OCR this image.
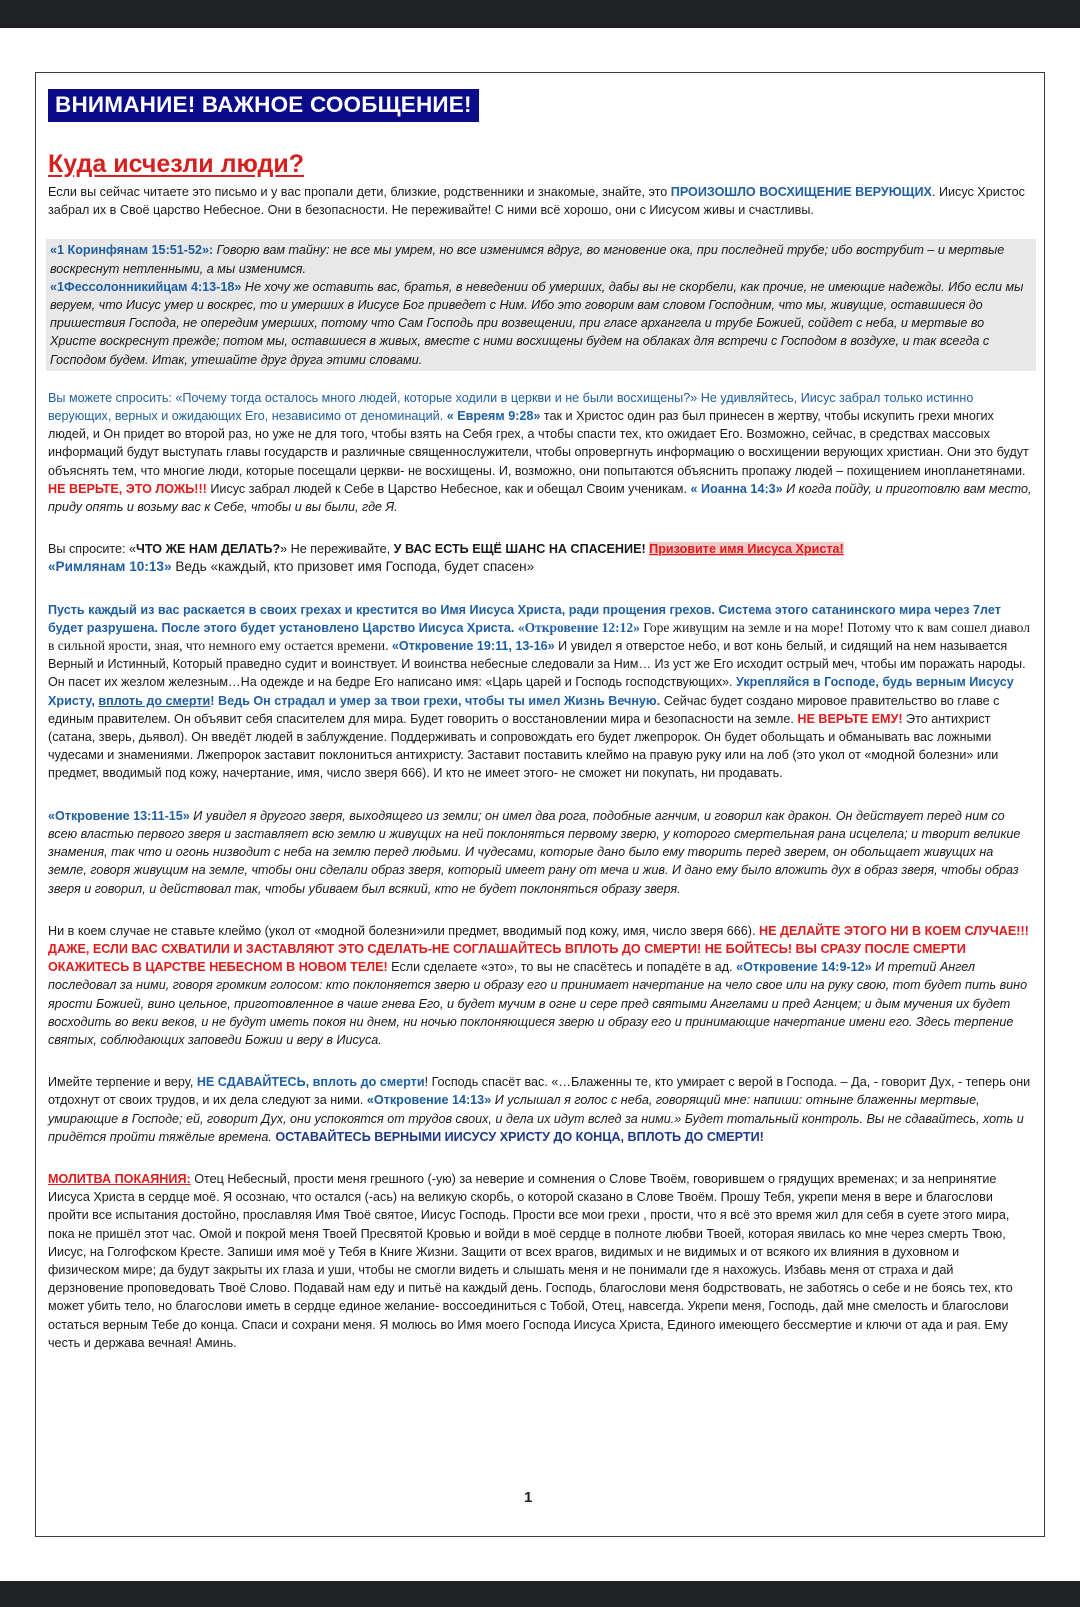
ВНИМАНИЕ! ВАЖНОЕ СООБЩЕНИЕ!
Куда исчезли люди?

Если вы сейчас читаете это письмо и у вас пропали дети, близкие, родственники и знакомые, знайте, это ПРОИЗОШЛО ВОСХИЩЕНИЕ ВЕРУЮЩИХ. Иисус Христос забрал их в Своё царство Небесное. Они в безопасности. Не переживайте! С ними всё хорошо, они с Иисусом живы и счастливы.

«1 Коринфянам 15:51-52»: Говорю вам тайну: не все мы умрем, но все изменимся вдруг, во мгновение ока, при последней трубе; ибо вострубит – и мертвые воскреснут нетленными, а мы изменимся.

«1Фессолонникийцам 4:13-18» Не хочу же оставить вас, братья, в неведении об умерших, дабы вы не скорбели, как прочие, не имеющие надежды. Ибо если мы веруем, что Иисус умер и воскрес, то и умерших в Иисусе Бог приведет с Ним. Ибо это говорим вам словом Господним, что мы, живущие, оставшиеся до пришествия Господа, не опередим умерших, потому что Сам Господь при возвещении, при гласе архангела и трубе Божией, сойдет с неба, и мертвые во Христе воскреснут прежде; потом мы, оставшиеся в живых, вместе с ними восхищены будем на облаках для встречи с Господом в воздухе, и так всегда с Господом будем. Итак, утешайте друг друга этими словами.

Вы можете спросить: «Почему тогда осталось много людей, которые ходили в церкви и не были восхищены?» Не удивляйтесь, Иисус забрал только истинно верующих, верных и ожидающих Его, независимо от деноминаций. « Евреям 9:28» так и Христос один раз был принесен в жертву, чтобы искупить грехи многих людей, и Он придет во второй раз, но уже не для того, чтобы взять на Себя грех, а чтобы спасти тех, кто ожидает Его. Возможно, сейчас, в средствах массовых информаций будут выступать главы государств и различные священнослужители, чтобы опровергнуть информацию о восхищении верующих христиан. Они это будут объяснять тем, что многие люди, которые посещали церкви- не восхищены. И, возможно, они попытаются объяснить пропажу людей – похищением инопланетянами. НЕ ВЕРЬТЕ, ЭТО ЛОЖЬ!!! Иисус забрал людей к Себе в Царство Небесное, как и обещал Своим ученикам. « Иоанна 14:3» И когда пойду, и приготовлю вам место, приду опять и возьму вас к Себе, чтобы и вы были, где Я.

Вы спросите: «ЧТО ЖЕ НАМ ДЕЛАТЬ?» Не переживайте, У ВАС ЕСТЬ ЕЩЁ ШАНС НА СПАСЕНИЕ! Призовите имя Иисуса Христа!

«Римлянам 10:13» Ведь «каждый, кто призовет имя Господа, будет спасен»

Пусть каждый из вас раскается в своих грехах и крестится во Имя Иисуса Христа, ради прощения грехов. Система этого сатанинского мира через 7лет будет разрушена. После этого будет установлено Царство Иисуса Христа. «Откровение 12:12» Горе живущим на земле и на море! Потому что к вам сошел диавол в сильной ярости, зная, что немного ему остается времени. «Откровение 19:11, 13-16» И увидел я отверстое небо, и вот конь белый, и сидящий на нем называется Верный и Истинный, Который праведно судит и воинствует. И воинства небесные следовали за Ним… Из уст же Его исходит острый меч, чтобы им поражать народы. Он пасет их жезлом железным…На одежде и на бедре Его написано имя: «Царь царей и Господь господствующих». Укрепляйся в Господе, будь верным Иисусу Христу, вплоть до смерти! Ведь Он страдал и умер за твои грехи, чтобы ты имел Жизнь Вечную. Сейчас будет создано мировое правительство во главе с единым правителем. Он объявит себя спасителем для мира. Будет говорить о восстановлении мира и безопасности на земле. НЕ ВЕРЬТЕ ЕМУ! Это антихрист (сатана, зверь, дьявол). Он введёт людей в заблуждение. Поддерживать и сопровождать его будет лжепророк. Он будет обольщать и обманывать вас ложными чудесами и знамениями. Лжепророк заставит поклониться антихристу. Заставит поставить клеймо на правую руку или на лоб (это укол от «модной болезни» или предмет, вводимый под кожу, начертание, имя, число зверя 666). И кто не имеет этого- не сможет ни покупать, ни продавать.

«Откровение 13:11-15» И увидел я другого зверя, выходящего из земли; он имел два рога, подобные агнчим, и говорил как дракон. Он действует перед ним со всею властью первого зверя и заставляет всю землю и живущих на ней поклоняться первому зверю, у которого смертельная рана исцелела; и творит великие знамения, так что и огонь низводит с неба на землю перед людьми. И чудесами, которые дано было ему творить перед зверем, он обольщает живущих на земле, говоря живущим на земле, чтобы они сделали образ зверя, который имеет рану от меча и жив. И дано ему было вложить дух в образ зверя, чтобы образ зверя и говорил, и действовал так, чтобы убиваем был всякий, кто не будет поклоняться образу зверя.

Ни в коем случае не ставьте клеймо (укол от «модной болезни»или предмет, вводимый под кожу, имя, число зверя 666). НЕ ДЕЛАЙТЕ ЭТОГО НИ В КОЕМ СЛУЧАЕ!!! ДАЖЕ, ЕСЛИ ВАС СХВАТИЛИ И ЗАСТАВЛЯЮТ ЭТО СДЕЛАТЬ-НЕ СОГЛАШАЙТЕСЬ ВПЛОТЬ ДО СМЕРТИ! НЕ БОЙТЕСЬ! ВЫ СРАЗУ ПОСЛЕ СМЕРТИ ОКАЖИТЕСЬ В ЦАРСТВЕ НЕБЕСНОМ В НОВОМ ТЕЛЕ! Если сделаете «это», то вы не спасётесь и попадёте в ад. «Откровение 14:9-12» И третий Ангел последовал за ними, говоря громким голосом: кто поклоняется зверю и образу его и принимает начертание на чело свое или на руку свою, тот будет пить вино ярости Божией, вино цельное, приготовленное в чаше гнева Его, и будет мучим в огне и сере пред святыми Ангелами и пред Агнцем; и дым мучения их будет восходить во веки веков, и не будут иметь покоя ни днем, ни ночью поклоняющиеся зверю и образу его и принимающие начертание имени его. Здесь терпение святых, соблюдающих заповеди Божии и веру в Иисуса.

Имейте терпение и веру, НЕ СДАВАЙТЕСЬ, вплоть до смерти! Господь спасёт вас. «…Блаженны те, кто умирает с верой в Господа. – Да, - говорит Дух, - теперь они отдохнут от своих трудов, и их дела следуют за ними. «Откровение 14:13» И услышал я голос с неба, говорящий мне: напиши: отныне блаженны мертвые, умирающие в Господе; ей, говорит Дух, они успокоятся от трудов своих, и дела их идут вслед за ними.» Будет тотальный контроль. Вы не сдавайтесь, хоть и придётся пройти тяжёлые времена. ОСТАВАЙТЕСЬ ВЕРНЫМИ ИИСУСУ ХРИСТУ ДО КОНЦА, ВПЛОТЬ ДО СМЕРТИ!

МОЛИТВА ПОКАЯНИЯ: Отец Небесный, прости меня грешного (-ую) за неверие и сомнения о Слове Твоём, говорившем о грядущих временах; и за непринятие Иисуса Христа в сердце моё. Я осознаю, что остался (-ась) на великую скорбь, о которой сказано в Слове Твоём. Прошу Тебя, укрепи меня в вере и благослови пройти все испытания достойно, прославляя Имя Твоё святое, Иисус Господь. Прости все мои грехи , прости, что я всё это время жил для себя в суете этого мира, пока не пришёл этот час. Омой и покрой меня Твоей Пресвятой Кровью и войди в моё сердце в полноте любви Твоей, которая явилась ко мне через смерть Твою, Иисус, на Голгофском Кресте. Запиши имя моё у Тебя в Книге Жизни. Защити от всех врагов, видимых и не видимых и от всякого их влияния в духовном и физическом мире; да будут закрыты их глаза и уши, чтобы не смогли видеть и слышать меня и не понимали где я нахожусь. Избавь меня от страха и дай дерзновение проповедовать Твоё Слово. Подавай нам еду и питьё на каждый день. Господь, благослови меня бодрствовать, не заботясь о себе и не боясь тех, кто может убить тело, но благослови иметь в сердце единое желание- воссоединиться с Тобой, Отец, навсегда. Укрепи меня, Господь, дай мне смелость и благослови остаться верным Тебе до конца. Спаси и сохрани меня. Я молюсь во Имя моего Господа Иисуса Христа, Единого имеющего бессмертие и ключи от ада и рая. Ему честь и держава вечная! Аминь.

1
